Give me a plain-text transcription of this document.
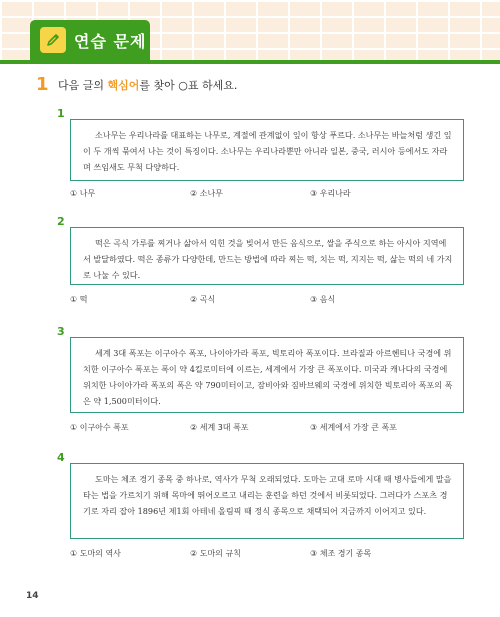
연습 문제
1 다음 글의 핵심어를 찾아 ○표 하세요.
1
소나무는 우리나라를 대표하는 나무로, 계절에 관계없이 잎이 항상 푸르다. 소나무는 바늘처럼 생긴 잎이 두 개씩 묶여서 나는 것이 특징이다. 소나무는 우리나라뿐만 아니라 일본, 중국, 러시아 등에서도 자라며 쓰임새도 무척 다양하다.
① 나무	② 소나무	③ 우리나라
2
떡은 곡식 가루를 찌거나 삶아서 익힌 것을 빚어서 만든 음식으로, 쌀을 주식으로 하는 아시아 지역에서 발달하였다. 떡은 종류가 다양한데, 만드는 방법에 따라 찌는 떡, 치는 떡, 지지는 떡, 삶는 떡의 네 가지로 나눌 수 있다.
① 떡	② 곡식	③ 음식
3
세계 3대 폭포는 이구아수 폭포, 나이아가라 폭포, 빅토리아 폭포이다. 브라질과 아르헨티나 국경에 위치한 이구아수 폭포는 폭이 약 4킬로미터에 이르는, 세계에서 가장 큰 폭포이다. 미국과 캐나다의 국경에 위치한 나이아가라 폭포의 폭은 약 790미터이고, 잠비아와 짐바브웨의 국경에 위치한 빅토리아 폭포의 폭은 약 1,500미터이다.
① 이구아수 폭포	② 세계 3대 폭포	③ 세계에서 가장 큰 폭포
4
도마는 체조 경기 종목 중 하나로, 역사가 무척 오래되었다. 도마는 고대 로마 시대 때 병사들에게 말을 타는 법을 가르치기 위해 목마에 뛰어오르고 내리는 훈련을 하던 것에서 비롯되었다. 그러다가 스포츠 경기로 자리 잡아 1896년 제1회 아테네 올림픽 때 정식 종목으로 채택되어 지금까지 이어지고 있다.
① 도마의 역사	② 도마의 규칙	③ 체조 경기 종목
14
